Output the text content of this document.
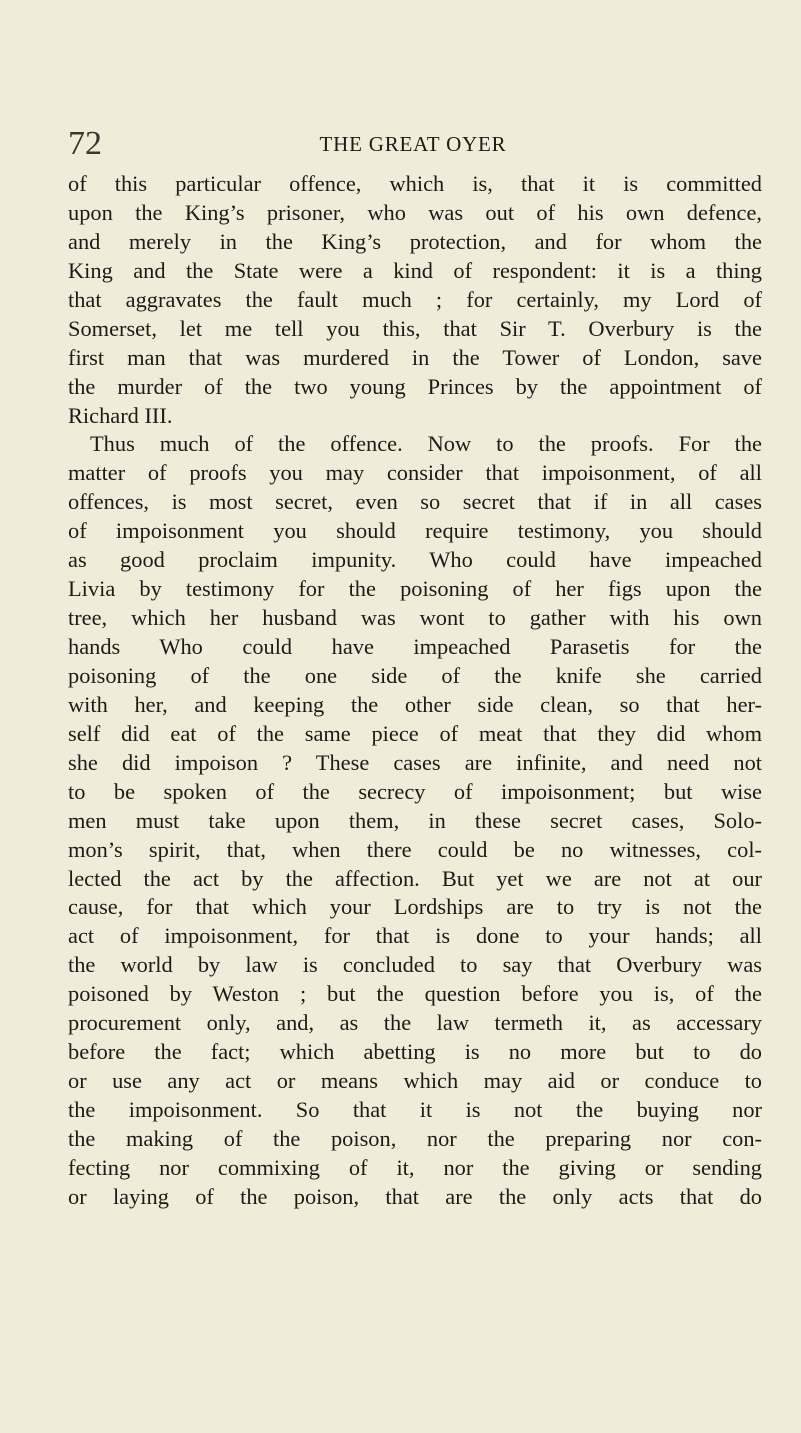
72	THE GREAT OYER
of this particular offence, which is, that it is committed
upon the King’s prisoner, who was out of his own defence,
and merely in the King’s protection, and for whom the
King and the State were a kind of respondent: it is a thing
that aggravates the fault much ; for certainly, my Lord of
Somerset, let me tell you this, that Sir T. Overbury is the
first man that was murdered in the Tower of London, save
the murder of the two young Princes by the appointment of
Richard III.
Thus much of the offence. Now to the proofs. For the
matter of proofs you may consider that impoisonment, of all
offences, is most secret, even so secret that if in all cases
of impoisonment you should require testimony, you should
as good proclaim impunity. Who could have impeached
Livia by testimony for the poisoning of her figs upon the
tree, which her husband was wont to gather with his own
hands Who could have impeached Parasetis for the
poisoning of the one side of the knife she carried
with her, and keeping the other side clean, so that her-
self did eat of the same piece of meat that they did whom
she did impoison ? These cases are infinite, and need not
to be spoken of the secrecy of impoisonment; but wise
men must take upon them, in these secret cases, Solo-
mon’s spirit, that, when there could be no witnesses, col-
lected the act by the affection. But yet we are not at our
cause, for that which your Lordships are to try is not the
act of impoisonment, for that is done to your hands; all
the world by law is concluded to say that Overbury was
poisoned by Weston ; but the question before you is, of the
procurement only, and, as the law termeth it, as accessary
before the fact; which abetting is no more but to do
or use any act or means which may aid or conduce to
the impoisonment. So that it is not the buying nor
the making of the poison, nor the preparing nor con-
fecting nor commixing of it, nor the giving or sending
or laying of the poison, that are the only acts that do
